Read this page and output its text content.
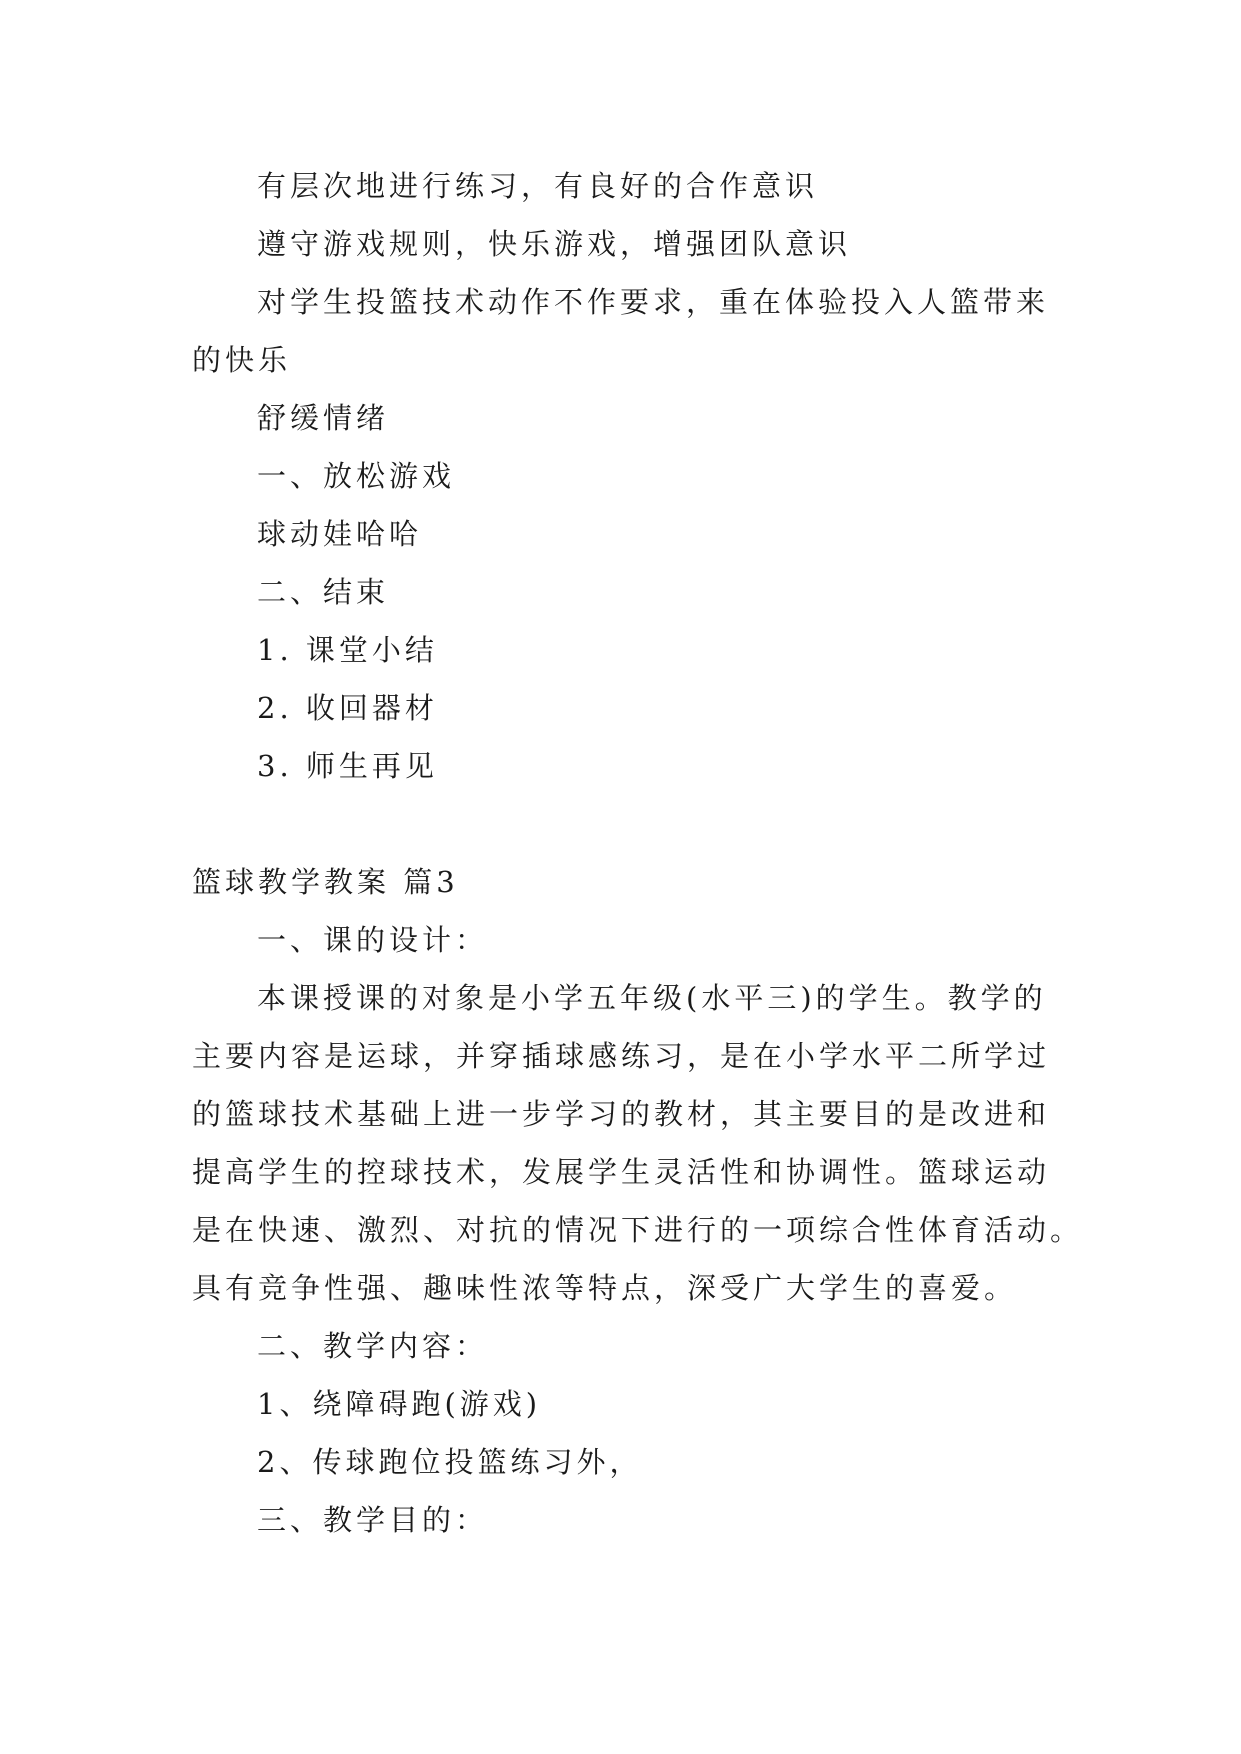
有层次地进行练习，有良好的合作意识
遵守游戏规则，快乐游戏，增强团队意识
对学生投篮技术动作不作要求，重在体验投入人篮带来
的快乐
舒缓情绪
一、放松游戏
球动娃哈哈
二、结束
1. 课堂小结
2. 收回器材
3. 师生再见
篮球教学教案 篇3
一、课的设计：
本课授课的对象是小学五年级(水平三)的学生。教学的
主要内容是运球，并穿插球感练习，是在小学水平二所学过
的篮球技术基础上进一步学习的教材，其主要目的是改进和
提高学生的控球技术，发展学生灵活性和协调性。篮球运动
是在快速、激烈、对抗的情况下进行的一项综合性体育活动。
具有竞争性强、趣味性浓等特点，深受广大学生的喜爱。
二、教学内容：
1、绕障碍跑(游戏)
2、传球跑位投篮练习外，
三、教学目的：
